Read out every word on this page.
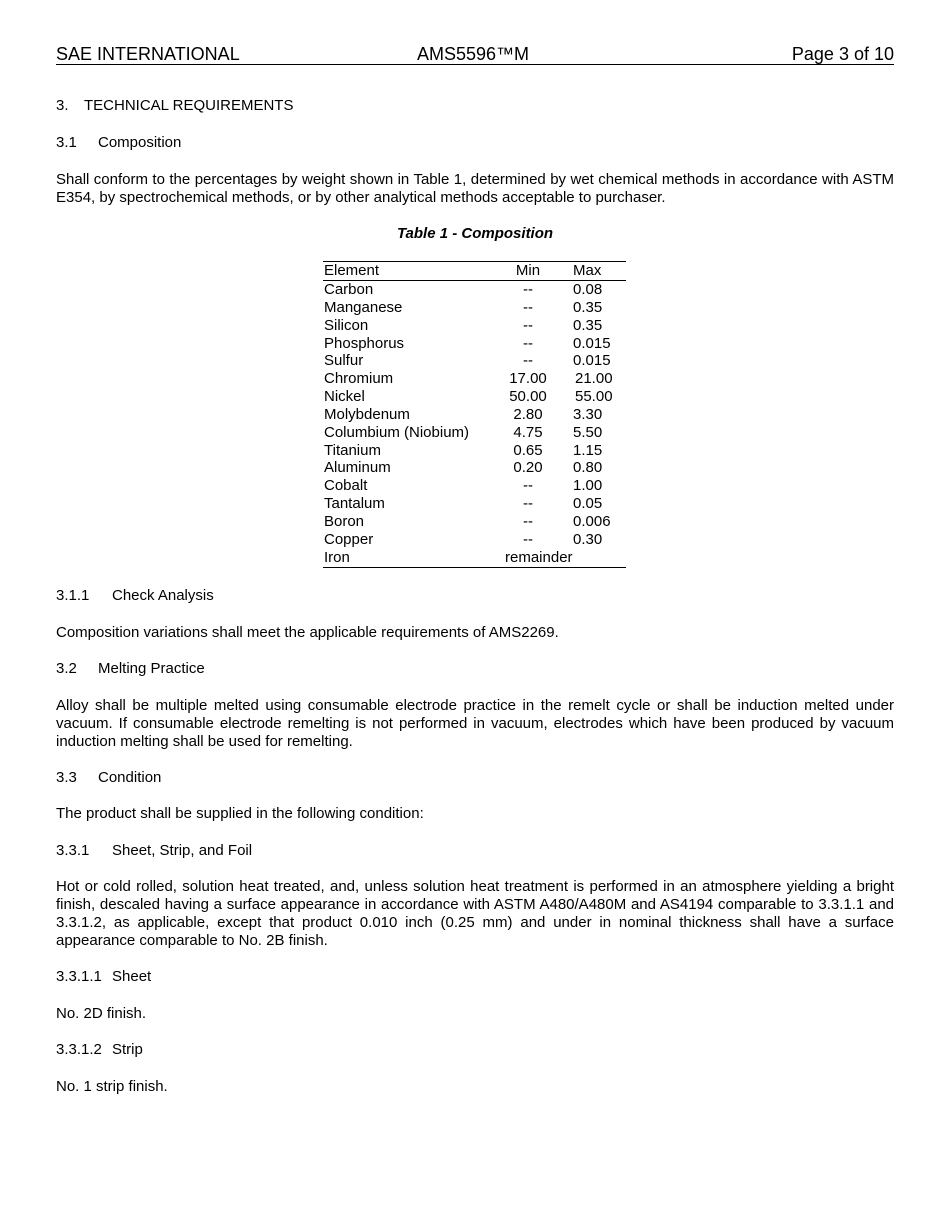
SAE INTERNATIONAL	AMS5596™M	Page 3 of 10
3. TECHNICAL REQUIREMENTS
3.1 Composition
Shall conform to the percentages by weight shown in Table 1, determined by wet chemical methods in accordance with ASTM E354, by spectrochemical methods, or by other analytical methods acceptable to purchaser.
Table 1 - Composition
Element	Min	Max
Carbon	--	0.08
Manganese	--	0.35
Silicon	--	0.35
Phosphorus	--	0.015
Sulfur	--	0.015
Chromium	17.00	21.00
Nickel	50.00	55.00
Molybdenum	2.80	3.30
Columbium (Niobium)	4.75	5.50
Titanium	0.65	1.15
Aluminum	0.20	0.80
Cobalt	--	1.00
Tantalum	--	0.05
Boron	--	0.006
Copper	--	0.30
Iron	remainder
3.1.1 Check Analysis
Composition variations shall meet the applicable requirements of AMS2269.
3.2 Melting Practice
Alloy shall be multiple melted using consumable electrode practice in the remelt cycle or shall be induction melted under vacuum. If consumable electrode remelting is not performed in vacuum, electrodes which have been produced by vacuum induction melting shall be used for remelting.
3.3 Condition
The product shall be supplied in the following condition:
3.3.1 Sheet, Strip, and Foil
Hot or cold rolled, solution heat treated, and, unless solution heat treatment is performed in an atmosphere yielding a bright finish, descaled having a surface appearance in accordance with ASTM A480/A480M and AS4194 comparable to 3.3.1.1 and 3.3.1.2, as applicable, except that product 0.010 inch (0.25 mm) and under in nominal thickness shall have a surface appearance comparable to No. 2B finish.
3.3.1.1 Sheet
No. 2D finish.
3.3.1.2 Strip
No. 1 strip finish.
